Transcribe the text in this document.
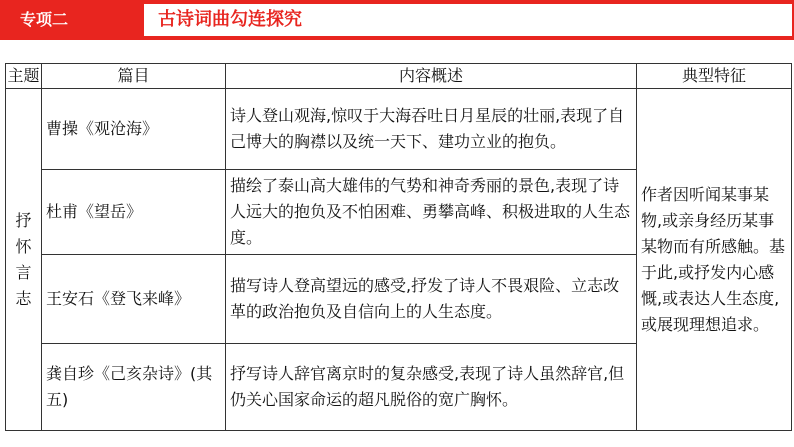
专项二	古诗词曲勾连探究
主题	篇目	内容概述	典型特征
抒怀言志	曹操《观沧海》	诗人登山观海,惊叹于大海吞吐日月星辰的壮丽,表现了自己博大的胸襟以及统一天下、建功立业的抱负。	作者因听闻某事某物,或亲身经历某事某物而有所感触。基于此,或抒发内心感慨,或表达人生态度,或展现理想追求。
	杜甫《望岳》	描绘了泰山高大雄伟的气势和神奇秀丽的景色,表现了诗人远大的抱负及不怕困难、勇攀高峰、积极进取的人生态度。	
	王安石《登飞来峰》	描写诗人登高望远的感受,抒发了诗人不畏艰险、立志改革的政治抱负及自信向上的人生态度。	
	龚自珍《己亥杂诗》(其五)	抒写诗人辞官离京时的复杂感受,表现了诗人虽然辞官,但仍关心国家命运的超凡脱俗的宽广胸怀。	
